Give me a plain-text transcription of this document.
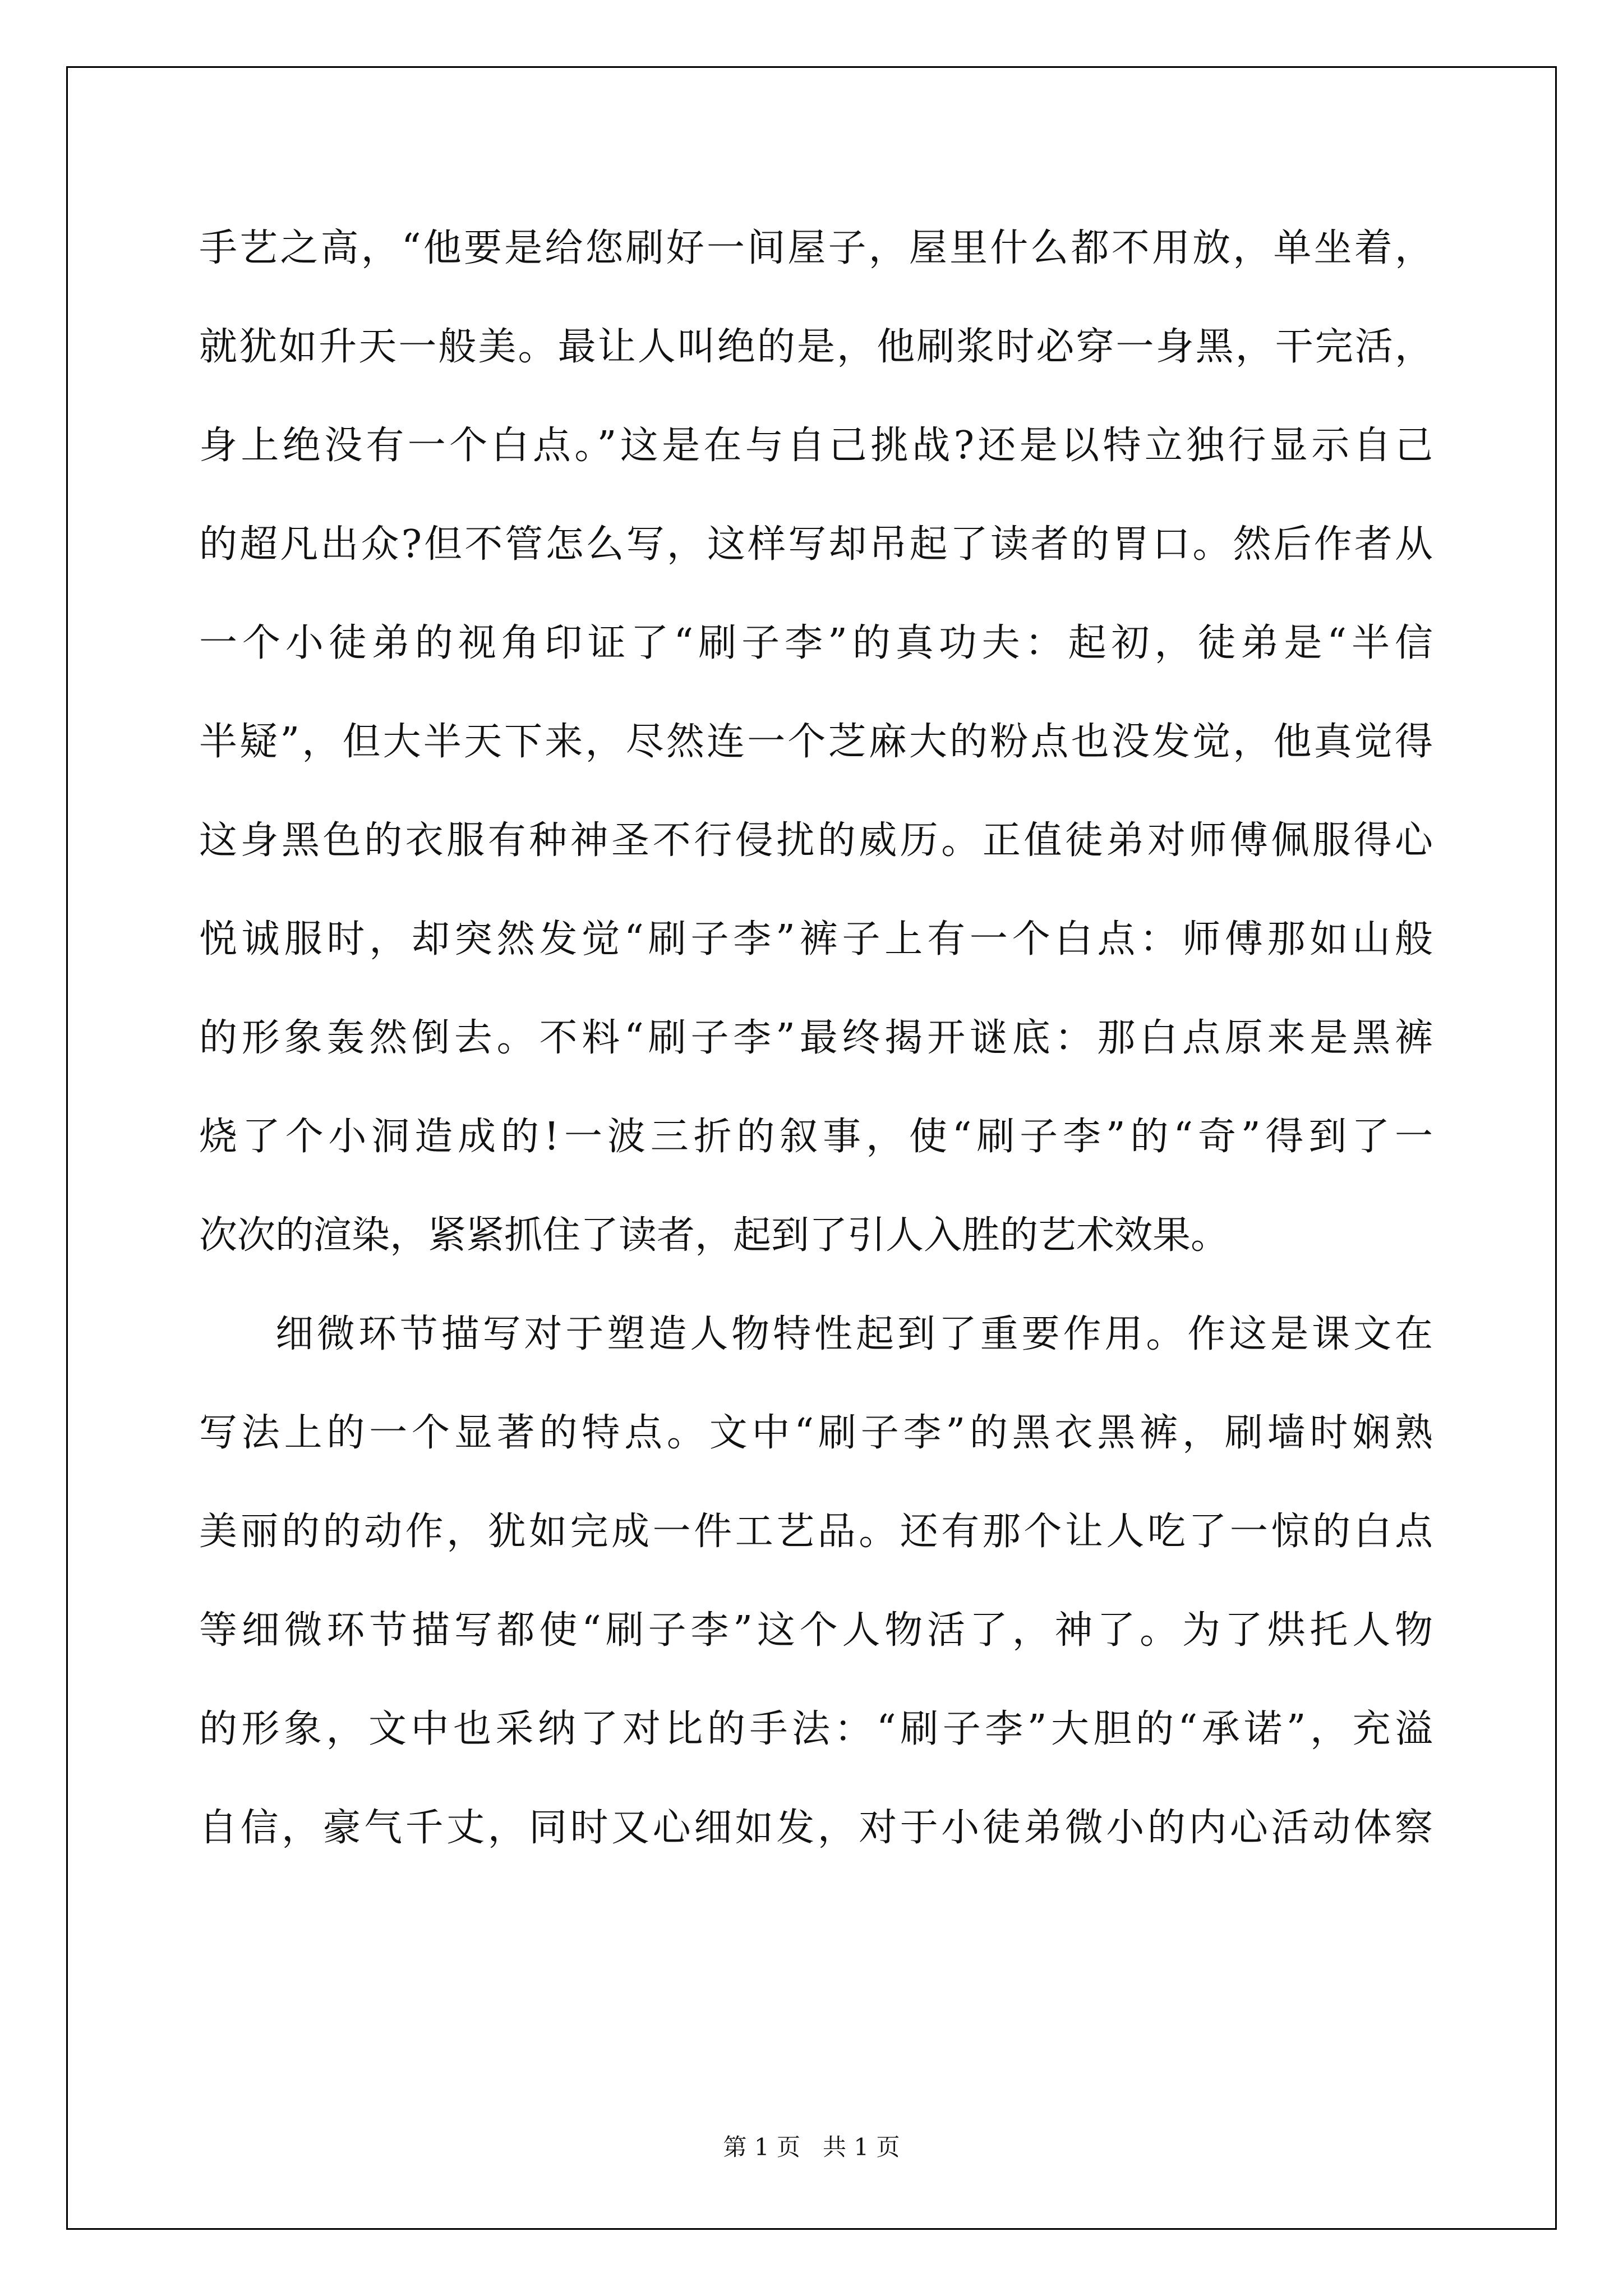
手艺之高，“他要是给您刷好一间屋子，屋里什么都不用放，单坐着，
就犹如升天一般美。最让人叫绝的是，他刷浆时必穿一身黑，干完活，
身上绝没有一个白点。”这是在与自己挑战?还是以特立独行显示自己
的超凡出众?但不管怎么写，这样写却吊起了读者的胃口。然后作者从
一个小徒弟的视角印证了“刷子李”的真功夫：起初，徒弟是“半信
半疑”，但大半天下来，尽然连一个芝麻大的粉点也没发觉，他真觉得
这身黑色的衣服有种神圣不行侵扰的威历。正值徒弟对师傅佩服得心
悦诚服时，却突然发觉“刷子李”裤子上有一个白点：师傅那如山般
的形象轰然倒去。不料“刷子李”最终揭开谜底：那白点原来是黑裤
烧了个小洞造成的!一波三折的叙事，使“刷子李”的“奇”得到了一
次次的渲染，紧紧抓住了读者，起到了引人入胜的艺术效果。
细微环节描写对于塑造人物特性起到了重要作用。作这是课文在
写法上的一个显著的特点。文中“刷子李”的黑衣黑裤，刷墙时娴熟
美丽的的动作，犹如完成一件工艺品。还有那个让人吃了一惊的白点
等细微环节描写都使“刷子李”这个人物活了，神了。为了烘托人物
的形象，文中也采纳了对比的手法：“刷子李”大胆的“承诺”，充溢
自信，豪气千丈，同时又心细如发，对于小徒弟微小的内心活动体察
第 1 页   共 1 页
